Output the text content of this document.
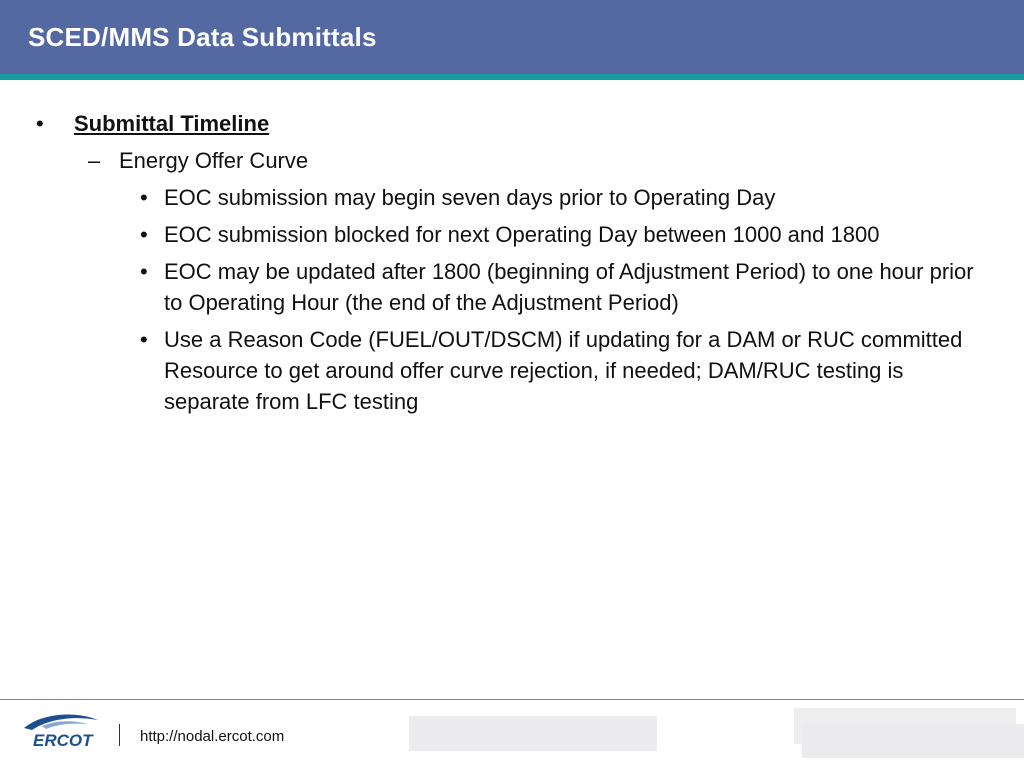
SCED/MMS Data Submittals
• Submittal Timeline
– Energy Offer Curve
• EOC submission may begin seven days prior to Operating Day
• EOC submission blocked for next Operating Day between 1000 and 1800
• EOC may be updated after 1800 (beginning of Adjustment Period) to one hour prior to Operating Hour (the end of the Adjustment Period)
• Use a Reason Code (FUEL/OUT/DSCM) if updating for a DAM or RUC committed Resource to get around offer curve rejection, if needed; DAM/RUC testing is separate from LFC testing
ERCOT	http://nodal.ercot.com
